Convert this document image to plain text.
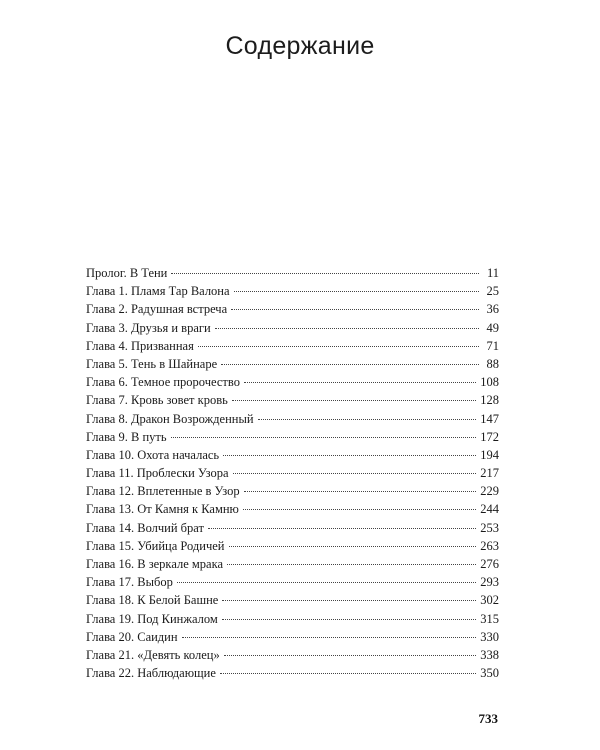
Содержание
Пролог. В Тени	11
Глава 1. Пламя Тар Валона	25
Глава 2. Радушная встреча	36
Глава 3. Друзья и враги	49
Глава 4. Призванная	71
Глава 5. Тень в Шайнаре	88
Глава 6. Темное пророчество	108
Глава 7. Кровь зовет кровь	128
Глава 8. Дракон Возрожденный	147
Глава 9. В путь	172
Глава 10. Охота началась	194
Глава 11. Проблески Узора	217
Глава 12. Вплетенные в Узор	229
Глава 13. От Камня к Камню	244
Глава 14. Волчий брат	253
Глава 15. Убийца Родичей	263
Глава 16. В зеркале мрака	276
Глава 17. Выбор	293
Глава 18. К Белой Башне	302
Глава 19. Под Кинжалом	315
Глава 20. Саидин	330
Глава 21. «Девять колец»	338
Глава 22. Наблюдающие	350
733
